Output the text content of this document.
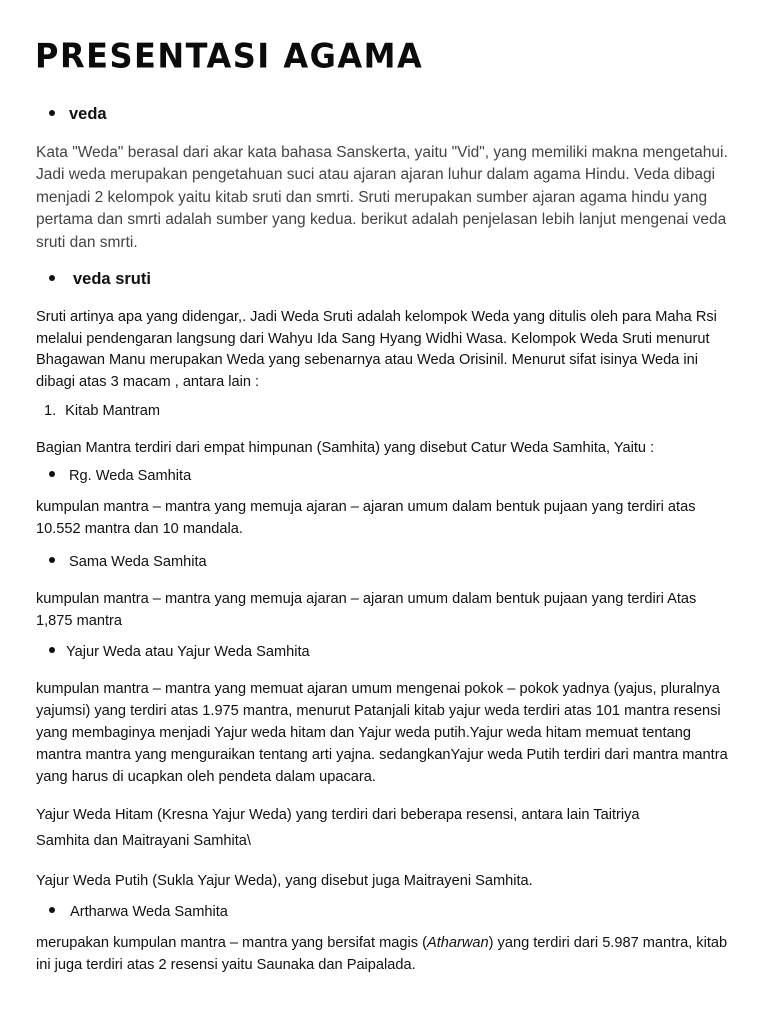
PRESENTASI AGAMA
veda

Kata "Weda" berasal dari akar kata bahasa Sanskerta, yaitu "Vid", yang memiliki makna mengetahui. Jadi weda merupakan pengetahuan suci atau ajaran ajaran luhur dalam agama Hindu. Veda dibagi menjadi 2 kelompok yaitu kitab sruti dan smrti. Sruti merupakan sumber ajaran agama hindu yang pertama dan smrti adalah sumber yang kedua. berikut adalah penjelasan lebih lanjut mengenai veda sruti dan smrti.

veda sruti

Sruti artinya apa yang didengar,. Jadi Weda Sruti adalah kelompok Weda yang ditulis oleh para Maha Rsi melalui pendengaran langsung dari Wahyu Ida Sang Hyang Widhi Wasa. Kelompok Weda Sruti menurut Bhagawan Manu merupakan Weda yang sebenarnya atau Weda Orisinil. Menurut sifat isinya Weda ini dibagi atas 3 macam , antara lain :

1. Kitab Mantram

Bagian Mantra terdiri dari empat himpunan (Samhita) yang disebut Catur Weda Samhita, Yaitu :

Rg. Weda Samhita

kumpulan mantra – mantra yang memuja ajaran – ajaran umum dalam bentuk pujaan yang terdiri atas 10.552 mantra dan 10 mandala.

Sama Weda Samhita

kumpulan mantra – mantra yang memuja ajaran – ajaran umum dalam bentuk pujaan yang terdiri Atas 1,875 mantra

Yajur Weda atau Yajur Weda Samhita

kumpulan mantra – mantra yang memuat ajaran umum mengenai pokok – pokok yadnya (yajus, pluralnya yajumsi) yang terdiri atas 1.975 mantra, menurut Patanjali kitab yajur weda terdiri atas 101 mantra resensi yang membaginya menjadi Yajur weda hitam dan Yajur weda putih.Yajur weda hitam memuat tentang mantra mantra yang menguraikan tentang arti yajna. sedangkanYajur weda Putih terdiri dari mantra mantra yang harus di ucapkan oleh pendeta dalam upacara.

Yajur Weda Hitam (Kresna Yajur Weda) yang terdiri dari beberapa resensi, antara lain Taitriya

Samhita dan Maitrayani Samhita\

Yajur Weda Putih (Sukla Yajur Weda), yang disebut juga Maitrayeni Samhita.

Artharwa Weda Samhita

merupakan kumpulan mantra – mantra yang bersifat magis (Atharwan) yang terdiri dari 5.987 mantra, kitab ini juga terdiri atas 2 resensi yaitu Saunaka dan Paipalada.
